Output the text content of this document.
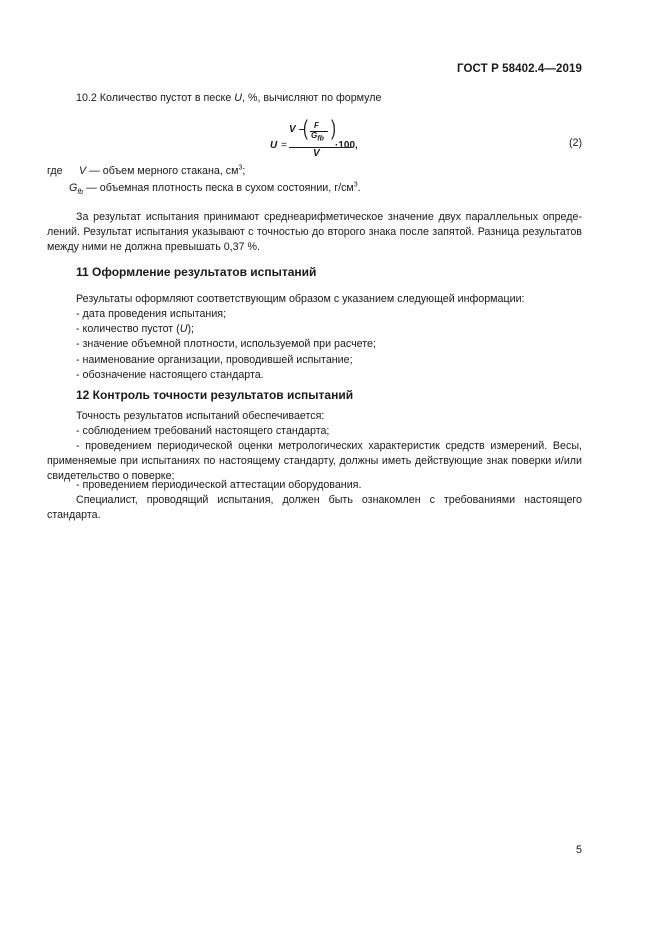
ГОСТ Р 58402.4—2019

10.2 Количество пустот в песке U, %, вычисляют по формуле

U =
V –
( F
$G_{fb}$ )
V
·100,	(2)
где V — объем мерного стакана, $см^3$;
$G_{fb}$ — объемная плотность песка в сухом состоянии, $г/см^3$.

За результат испытания принимают среднеарифметическое значение двух параллельных определений. Результат испытания указывают с точностью до второго знака после запятой. Разница результатов между ними не должна превышать 0,37 %.

11 Оформление результатов испытаний

Результаты оформляют соответствующим образом с указанием следующей информации:

- дата проведения испытания;
- количество пустот (U);
- значение объемной плотности, используемой при расчете;
- наименование организации, проводившей испытание;
- обозначение настоящего стандарта.
12 Контроль точности результатов испытаний

Точность результатов испытаний обеспечивается:

- соблюдением требований настоящего стандарта;

- проведением периодической оценки метрологических характеристик средств измерений. Весы, применяемые при испытаниях по настоящему стандарту, должны иметь действующие знак поверки и/или свидетельство о поверке;

- проведением периодической аттестации оборудования.

Специалист, проводящий испытания, должен быть ознакомлен с требованиями настоящего стандарта.

5
